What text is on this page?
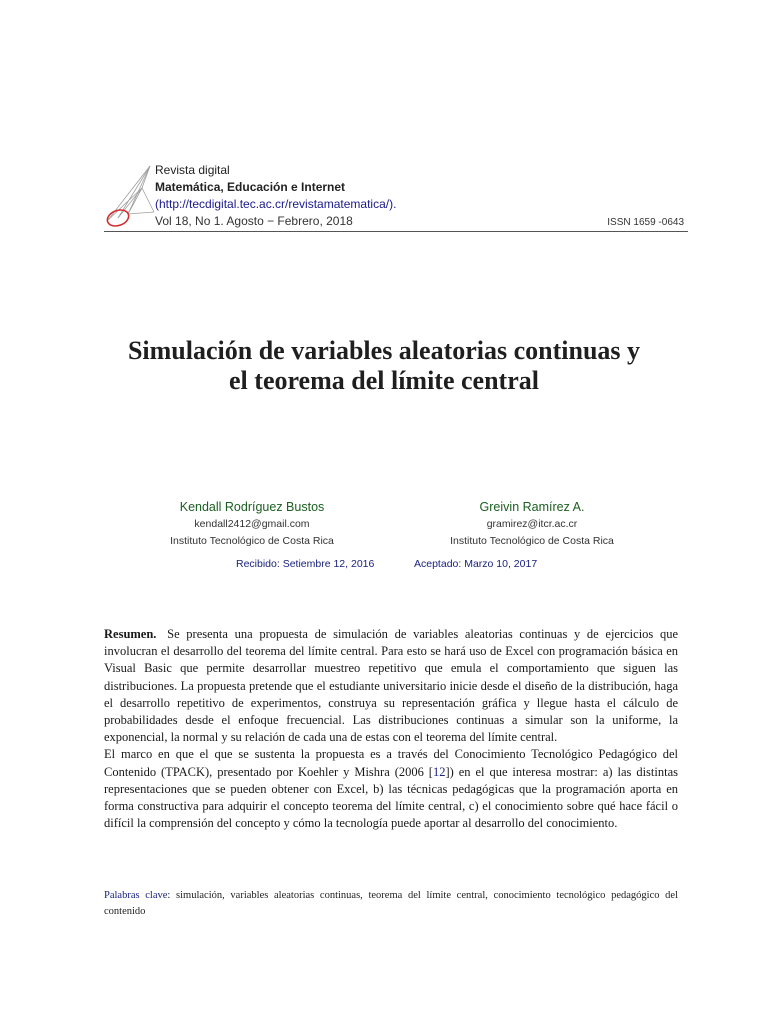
Revista digital
Matemática, Educación e Internet
(http://tecdigital.tec.ac.cr/revistamatematica/).
Vol 18, No 1. Agosto − Febrero, 2018	ISSN 1659 -0643
Simulación de variables aleatorias continuas y
el teorema del límite central
Kendall Rodríguez Bustos
kendall2412@gmail.com
Instituto Tecnológico de Costa Rica
Greivin Ramírez A.
gramirez@itcr.ac.cr
Instituto Tecnológico de Costa Rica
Recibido: Setiembre 12, 2016	Aceptado: Marzo 10, 2017

Resumen. Se presenta una propuesta de simulación de variables aleatorias continuas y de ejercicios que involucran el desarrollo del teorema del límite central. Para esto se hará uso de Excel con programación básica en Visual Basic que permite desarrollar muestreo repetitivo que emula el comportamiento que siguen las distribuciones. La propuesta pretende que el estudiante universitario inicie desde el diseño de la distribución, haga el desarrollo repetitivo de experimentos, construya su representación gráfica y llegue hasta el cálculo de probabilidades desde el enfoque frecuencial. Las distribuciones continuas a simular son la uniforme, la exponencial, la normal y su relación de cada una de estas con el teorema del límite central.

El marco en que el que se sustenta la propuesta es a través del Conocimiento Tecnológico Pedagógico del Contenido (TPACK), presentado por Koehler y Mishra (2006 [12]) en el que interesa mostrar: a) las distintas representaciones que se pueden obtener con Excel, b) las técnicas pedagógicas que la programación aporta en forma constructiva para adquirir el concepto teorema del límite central, c) el conocimiento sobre qué hace fácil o difícil la comprensión del concepto y cómo la tecnología puede aportar al desarrollo del conocimiento.

Palabras clave: simulación, variables aleatorias continuas, teorema del límite central, conocimiento tecnológico pedagógico del contenido
